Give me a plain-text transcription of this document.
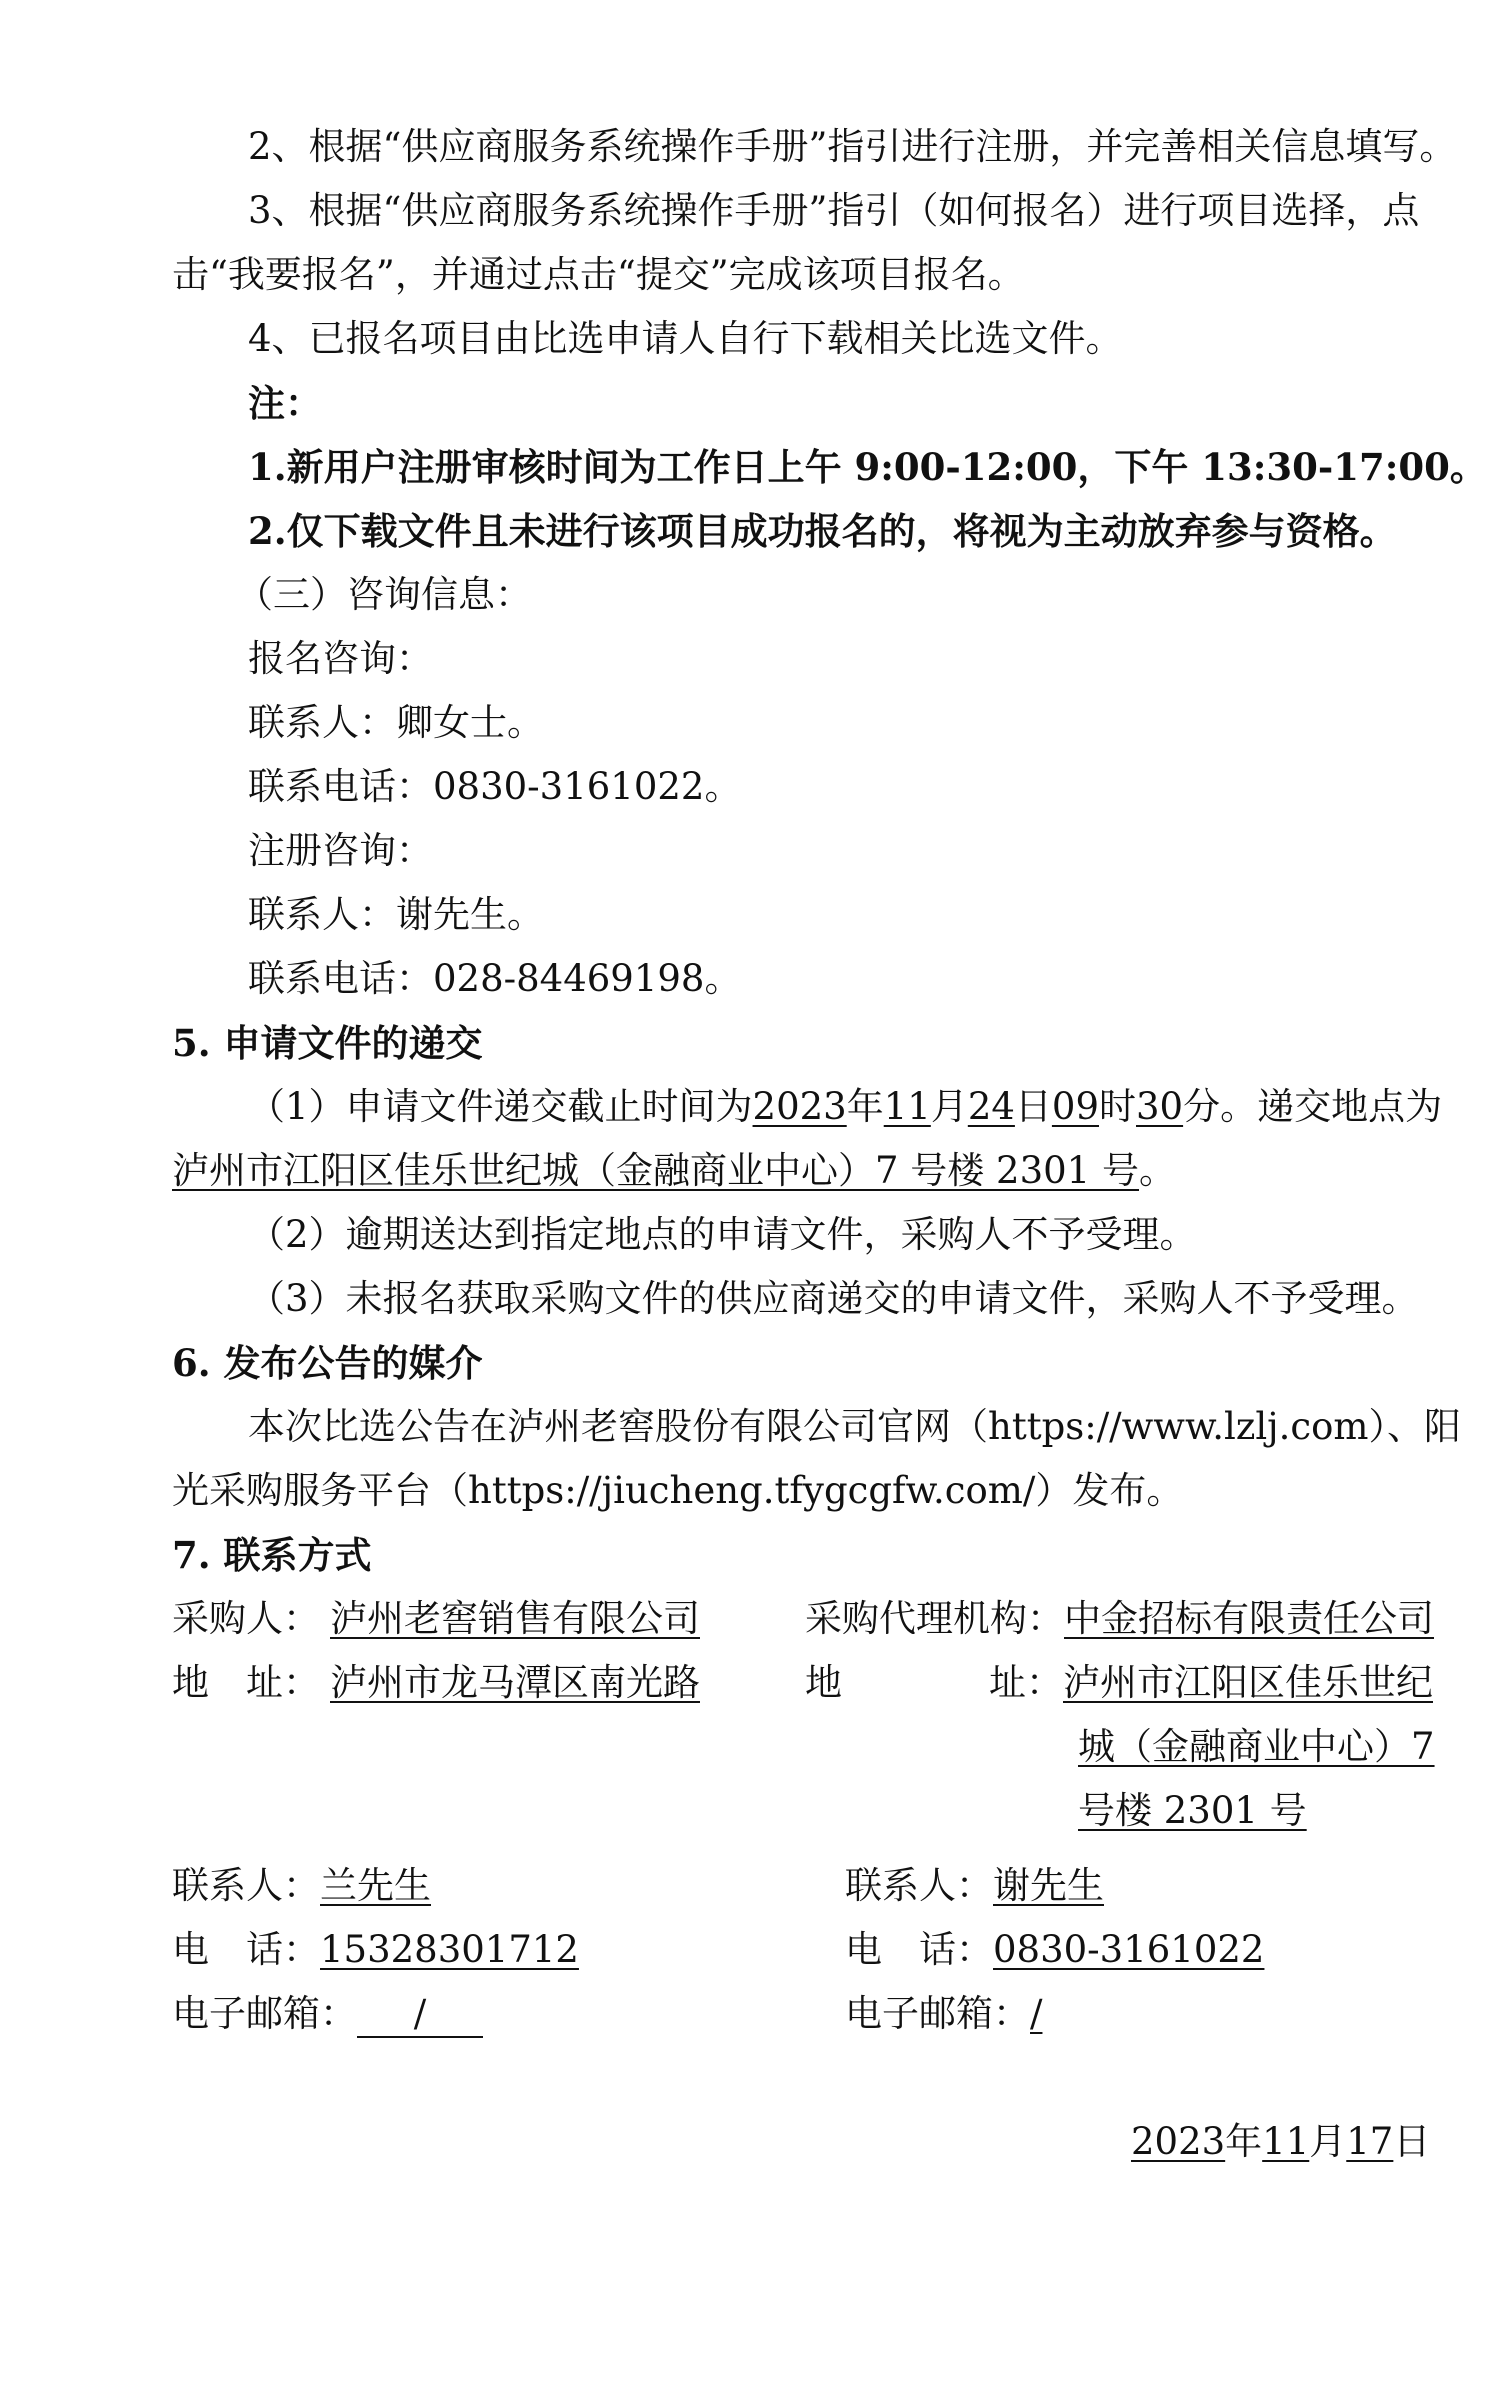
2、根据“供应商服务系统操作手册”指引进行注册，并完善相关信息填写。
3、根据“供应商服务系统操作手册”指引（如何报名）进行项目选择，点
击“我要报名”，并通过点击“提交”完成该项目报名。
4、已报名项目由比选申请人自行下载相关比选文件。
注：
1.新用户注册审核时间为工作日上午 9:00-12:00，下午 13:30-17:00。
2.仅下载文件且未进行该项目成功报名的，将视为主动放弃参与资格。
（三）咨询信息：
报名咨询：
联系人：卿女士。
联系电话：0830-3161022。
注册咨询：
联系人：谢先生。
联系电话：028-84469198。
5. 申请文件的递交
（1）申请文件递交截止时间为2023年11月24日09时30分。递交地点为
泸州市江阳区佳乐世纪城（金融商业中心）7 号楼 2301 号。
（2）逾期送达到指定地点的申请文件，采购人不予受理。
（3）未报名获取采购文件的供应商递交的申请文件，采购人不予受理。
6. 发布公告的媒介
本次比选公告在泸州老窖股份有限公司官网（https://www.lzlj.com）、阳
光采购服务平台（https://jiucheng.tfygcgfw.com/）发布。
7. 联系方式
采购人： 泸州老窖销售有限公司	采购代理机构：中金招标有限责任公司
地　址： 泸州市龙马潭区南光路	地	址：泸州市江阳区佳乐世纪
城（金融商业中心）7
号楼 2301 号
联系人：兰先生	联系人：谢先生
电　话：15328301712	电　话：0830-3161022
电子邮箱： /	电子邮箱：/
2023年11月17日
